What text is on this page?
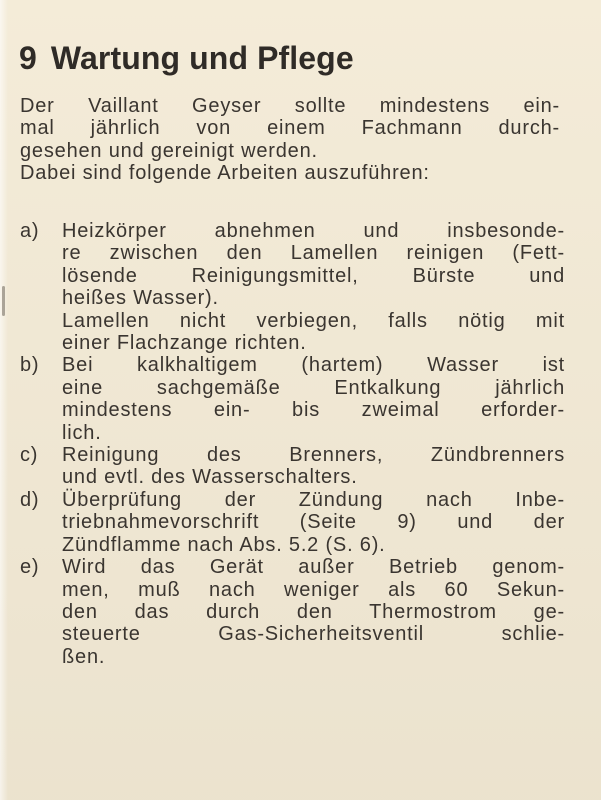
9 Wartung und Pflege
Der Vaillant Geyser sollte mindestens ein-
mal jährlich von einem Fachmann durch-
gesehen und gereinigt werden.
Dabei sind folgende Arbeiten auszuführen:
a) Heizkörper abnehmen und insbesonde-
re zwischen den Lamellen reinigen (Fett-
lösende Reinigungsmittel, Bürste und
heißes Wasser).
Lamellen nicht verbiegen, falls nötig mit
einer Flachzange richten.
b) Bei kalkhaltigem (hartem) Wasser ist
eine sachgemäße Entkalkung jährlich
mindestens ein- bis zweimal erforder-
lich.
c) Reinigung des Brenners, Zündbrenners
und evtl. des Wasserschalters.
d) Überprüfung der Zündung nach Inbe-
triebnahmevorschrift (Seite 9) und der
Zündflamme nach Abs. 5.2 (S. 6).
e) Wird das Gerät außer Betrieb genom-
men, muß nach weniger als 60 Sekun-
den das durch den Thermostrom ge-
steuerte Gas-Sicherheitsventil schlie-
ßen.
